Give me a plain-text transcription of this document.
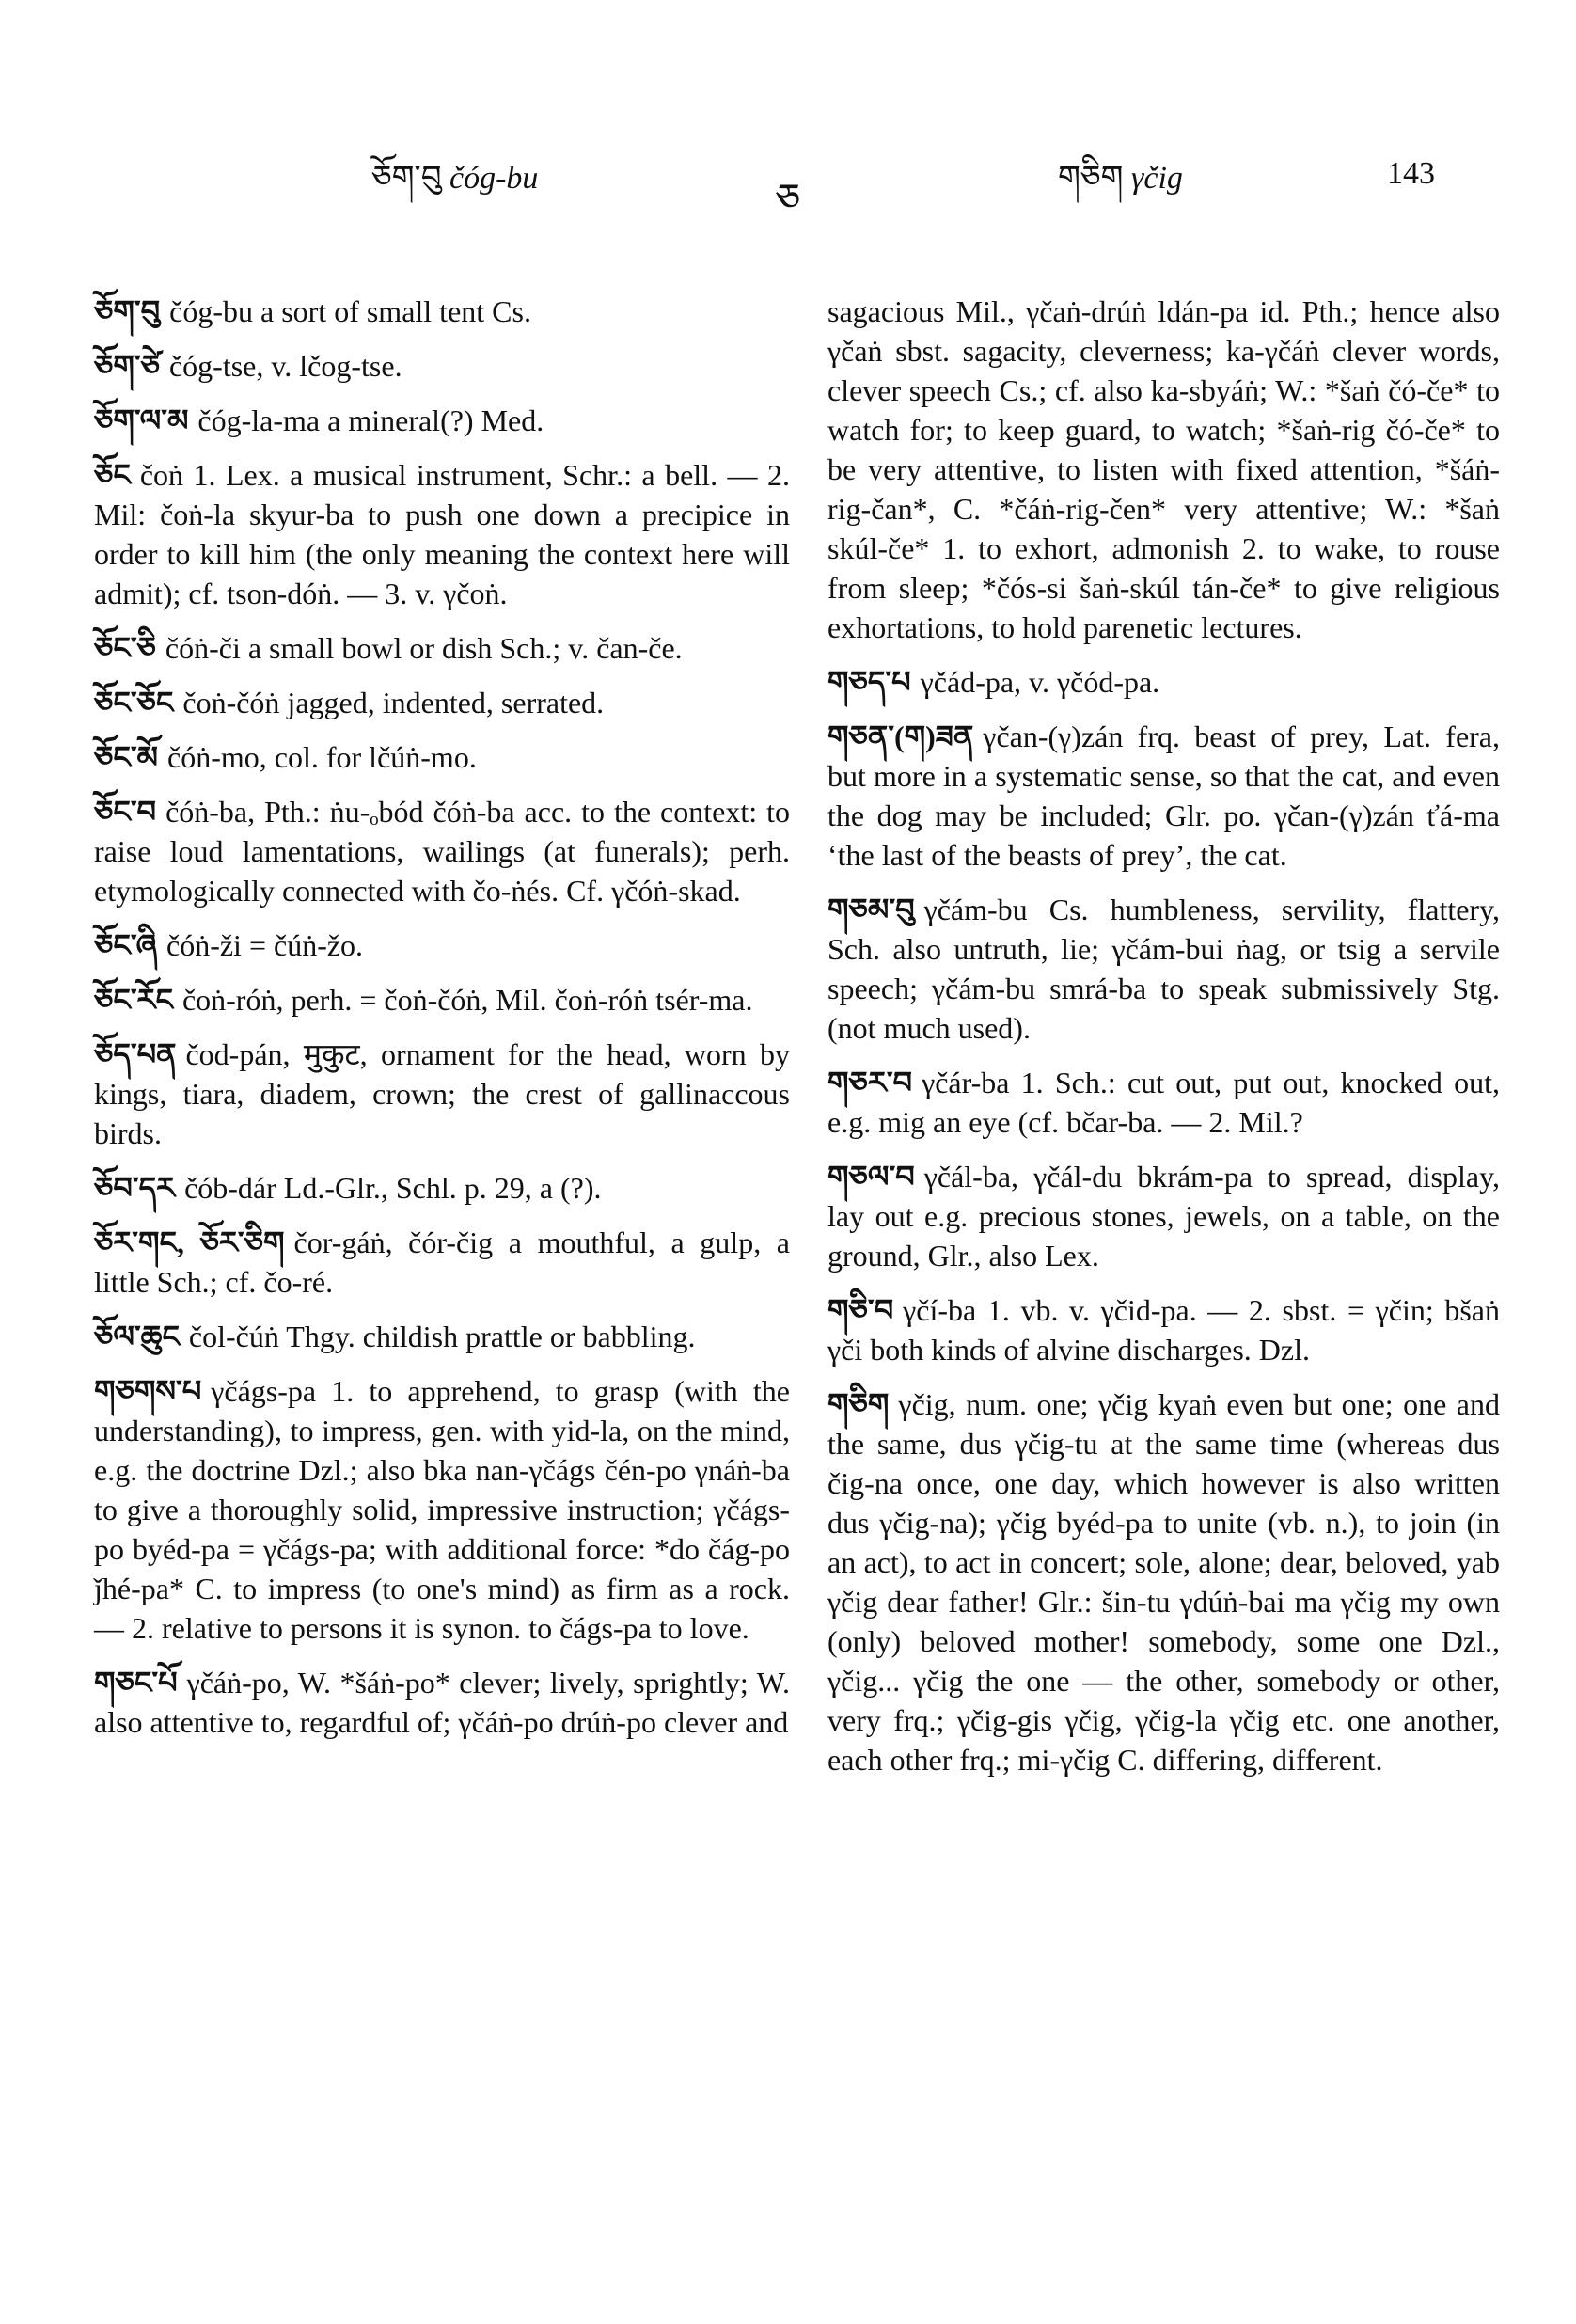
ཅོག་བུ čóg-bu	ཅ	གཅིག γčig	143

ཅོག་བུ čóg-bu a sort of small tent Cs.

ཅོག་ཙེ čóg-tse, v. lčog-tse.

ཅོག་ལ་མ čóg-la-ma a mineral(?) Med.

ཅོང čoṅ 1. Lex. a musical instrument, Schr.: a bell. — 2. Mil: čoṅ-la skyur-ba to push one down a precipice in order to kill him (the only meaning the context here will admit); cf. tson-dóṅ. — 3. v. γčoṅ.

ཅོང་ཅི čóṅ-či a small bowl or dish Sch.; v. čan-če.

ཅོང་ཅོང čoṅ-čóṅ jagged, indented, serrated.

ཅོང་མོ čóṅ-mo, col. for lčúṅ-mo.

ཅོང་བ čóṅ-ba, Pth.: ṅu-ₒbód čóṅ-ba acc. to the context: to raise loud lamentations, wailings (at funerals); perh. etymologically connected with čo-ṅés. Cf. γčóṅ-skad.

ཅོང་ཞི čóṅ-ži = čúṅ-žo.

ཅོང་རོང čoṅ-róṅ, perh. = čoṅ-čóṅ, Mil. čoṅ-róṅ tsér-ma.

ཅོད་པན čod-pán, मुकुट, ornament for the head, worn by kings, tiara, diadem, crown; the crest of gallinaccous birds.

ཅོབ་དར čób-dár Ld.-Glr., Schl. p. 29, a (?).

ཅོར་གང, ཅོར་ཅིག čor-gáṅ, čór-čig a mouthful, a gulp, a little Sch.; cf. čo-ré.

ཅོལ་ཆུང čol-čúṅ Thgy. childish prattle or babbling.

གཅགས་པ γčágs-pa 1. to apprehend, to grasp (with the understanding), to impress, gen. with yid-la, on the mind, e.g. the doctrine Dzl.; also bka nan-γčágs čén-po γnáṅ-ba to give a thoroughly solid, impressive instruction; γčágs-po byéd-pa = γčágs-pa; with additional force: *do čág-po ǰhé-pa* C. to impress (to one's mind) as firm as a rock. — 2. relative to persons it is synon. to čágs-pa to love.

གཅང་པོ γčáṅ-po, W. *šáṅ-po* clever; lively, sprightly; W. also attentive to, regardful of; γčáṅ-po drúṅ-po clever and

sagacious Mil., γčaṅ-drúṅ ldán-pa id. Pth.; hence also γčaṅ sbst. sagacity, cleverness; ka-γčáṅ clever words, clever speech Cs.; cf. also ka-sbyáṅ; W.: *šaṅ čó-če* to watch for; to keep guard, to watch; *šaṅ-rig čó-če* to be very attentive, to listen with fixed attention, *šáṅ-rig-čan*, C. *čáṅ-rig-čen* very attentive; W.: *šaṅ skúl-če* 1. to exhort, admonish 2. to wake, to rouse from sleep; *čós-si šaṅ-skúl tán-če* to give religious exhortations, to hold parenetic lectures.

གཅད་པ γčád-pa, v. γčód-pa.

གཅན་(ག)ཟན γčan-(γ)zán frq. beast of prey, Lat. fera, but more in a systematic sense, so that the cat, and even the dog may be included; Glr. po. γčan-(γ)zán ťá-ma ‘the last of the beasts of prey’, the cat.

གཅམ་བུ γčám-bu Cs. humbleness, servility, flattery, Sch. also untruth, lie; γčám-bui ṅag, or tsig a servile speech; γčám-bu smrá-ba to speak submissively Stg. (not much used).

གཅར་བ γčár-ba 1. Sch.: cut out, put out, knocked out, e.g. mig an eye (cf. bčar-ba. — 2. Mil.?

གཅལ་བ γčál-ba, γčál-du bkrám-pa to spread, display, lay out e.g. precious stones, jewels, on a table, on the ground, Glr., also Lex.

གཅི་བ γčí-ba 1. vb. v. γčid-pa. — 2. sbst. = γčin; bšaṅ γči both kinds of alvine discharges. Dzl.

གཅིག γčig, num. one; γčig kyaṅ even but one; one and the same, dus γčig-tu at the same time (whereas dus čig-na once, one day, which however is also written dus γčig-na); γčig byéd-pa to unite (vb. n.), to join (in an act), to act in concert; sole, alone; dear, beloved, yab γčig dear father! Glr.: šin-tu γdúṅ-bai ma γčig my own (only) beloved mother! somebody, some one Dzl., γčig... γčig the one — the other, somebody or other, very frq.; γčig-gis γčig, γčig-la γčig etc. one another, each other frq.; mi-γčig C. differing, different.
